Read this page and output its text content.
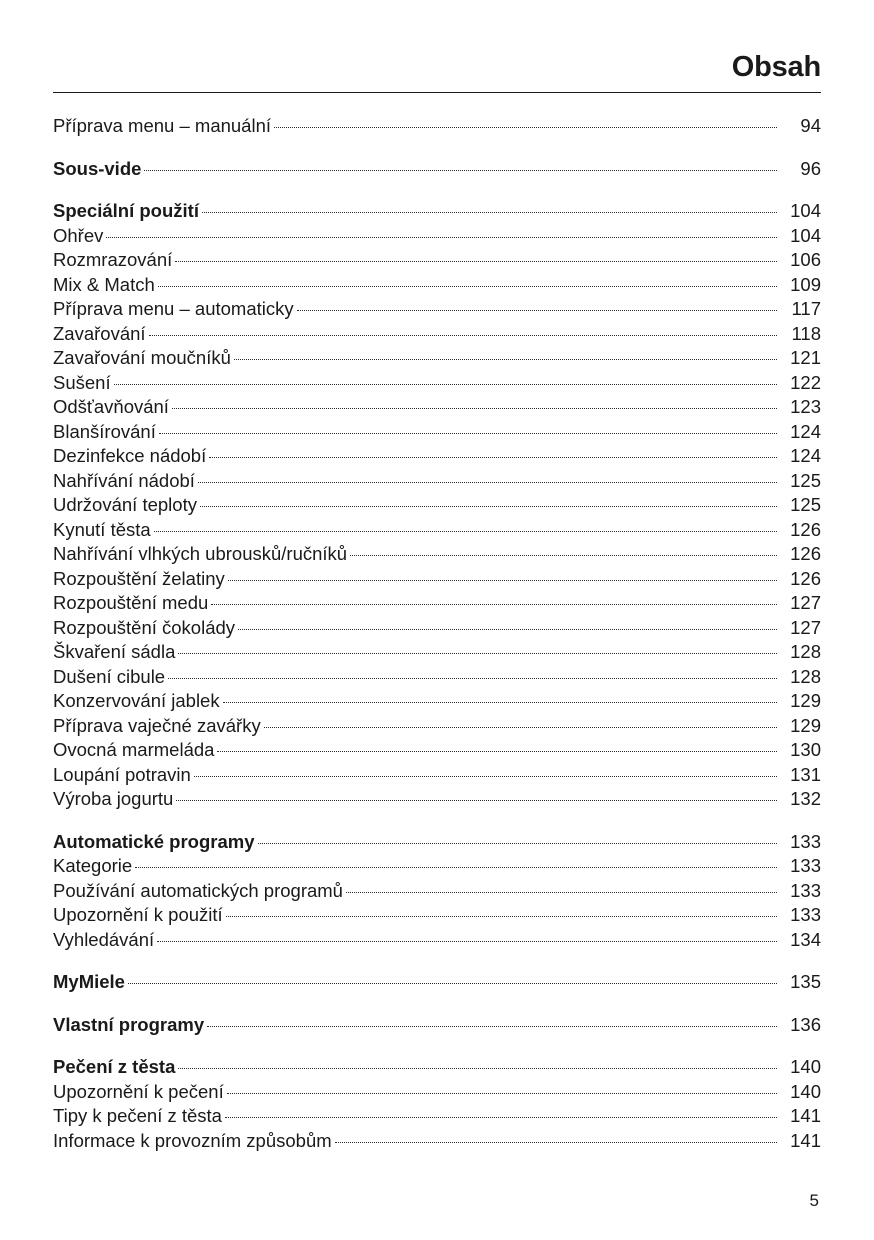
Obsah
Příprava menu – manuální	94
Sous-vide	96
Speciální použití	104
Ohřev	104
Rozmrazování	106
Mix & Match	109
Příprava menu – automaticky	117
Zavařování	118
Zavařování moučníků	121
Sušení	122
Odšťavňování	123
Blanšírování	124
Dezinfekce nádobí	124
Nahřívání nádobí	125
Udržování teploty	125
Kynutí těsta	126
Nahřívání vlhkých ubrousků/ručníků	126
Rozpouštění želatiny	126
Rozpouštění medu	127
Rozpouštění čokolády	127
Škvaření sádla	128
Dušení cibule	128
Konzervování jablek	129
Příprava vaječné zavářky	129
Ovocná marmeláda	130
Loupání potravin	131
Výroba jogurtu	132
Automatické programy	133
Kategorie	133
Používání automatických programů	133
Upozornění k použití	133
Vyhledávání	134
MyMiele	135
Vlastní programy	136
Pečení z těsta	140
Upozornění k pečení	140
Tipy k pečení z těsta	141
Informace k provozním způsobům	141
5
